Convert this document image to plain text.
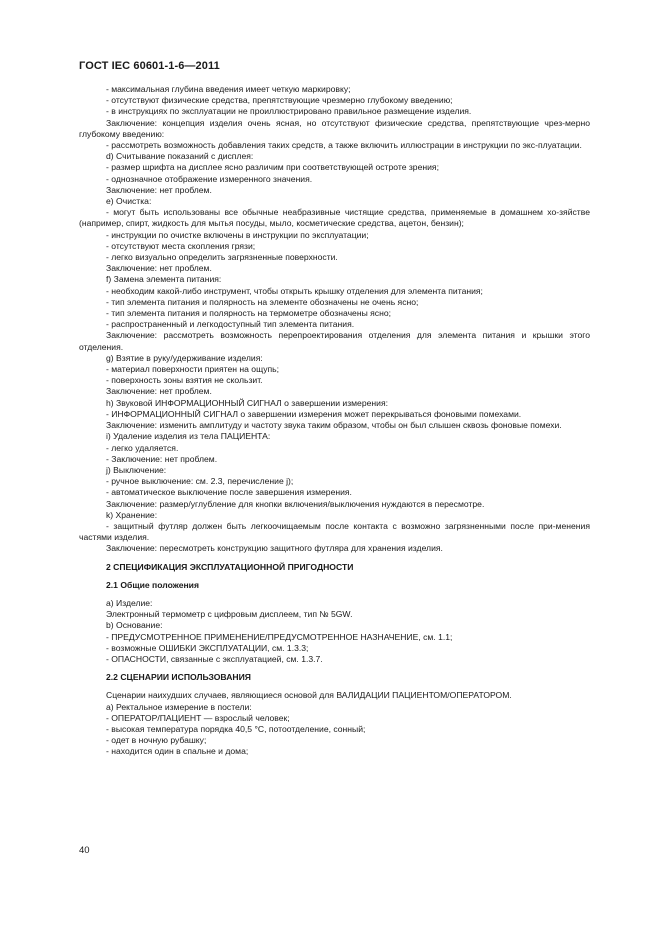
ГОСТ IEC 60601-1-6—2011

- максимальная глубина введения имеет четкую маркировку;

- отсутствуют физические средства, препятствующие чрезмерно глубокому введению;

- в инструкциях по эксплуатации не проиллюстрировано правильное размещение изделия.

Заключение: концепция изделия очень ясная, но отсутствуют физические средства, препятствующие чрез-мерно глубокому введению:

- рассмотреть возможность добавления таких средств, а также включить иллюстрации в инструкции по экс-плуатации.

d) Считывание показаний с дисплея:

- размер шрифта на дисплее ясно различим при соответствующей остроте зрения;

- однозначное отображение измеренного значения.

Заключение: нет проблем.

е) Очистка:

- могут быть использованы все обычные неабразивные чистящие средства, применяемые в домашнем хо-зяйстве (например, спирт, жидкость для мытья посуды, мыло, косметические средства, ацетон, бензин);

- инструкции по очистке включены в инструкции по эксплуатации;

- отсутствуют места скопления грязи;

- легко визуально определить загрязненные поверхности.

Заключение: нет проблем.

f) Замена элемента питания:

- необходим какой-либо инструмент, чтобы открыть крышку отделения для элемента питания;

- тип элемента питания и полярность на элементе обозначены не очень ясно;

- тип элемента питания и полярность на термометре обозначены ясно;

- распространенный и легкодоступный тип элемента питания.

Заключение: рассмотреть возможность перепроектирования отделения для элемента питания и крышки этого отделения.

g) Взятие в руку/удерживание изделия:

- материал поверхности приятен на ощупь;

- поверхность зоны взятия не скользит.

Заключение: нет проблем.

h) Звуковой ИНФОРМАЦИОННЫЙ СИГНАЛ о завершении измерения:

- ИНФОРМАЦИОННЫЙ СИГНАЛ о завершении измерения может перекрываться фоновыми помехами.

Заключение: изменить амплитуду и частоту звука таким образом, чтобы он был слышен сквозь фоновые помехи.

i) Удаление изделия из тела ПАЦИЕНТА:

- легко удаляется.

- Заключение: нет проблем.

j) Выключение:

- ручное выключение: см. 2.3, перечисление j);

- автоматическое выключение после завершения измерения.

Заключение: размер/углубление для кнопки включения/выключения нуждаются в пересмотре.

k) Хранение:

- защитный футляр должен быть легкоочищаемым после контакта с возможно загрязненными после при-менения частями изделия.

Заключение: пересмотреть конструкцию защитного футляра для хранения изделия.

2 СПЕЦИФИКАЦИЯ ЭКСПЛУАТАЦИОННОЙ ПРИГОДНОСТИ

2.1 Общие положения

а) Изделие:

Электронный термометр с цифровым дисплеем, тип № 5GW.

b) Основание:

- ПРЕДУСМОТРЕННОЕ ПРИМЕНЕНИЕ/ПРЕДУСМОТРЕННОЕ НАЗНАЧЕНИЕ, см. 1.1;

- возможные ОШИБКИ ЭКСПЛУАТАЦИИ, см. 1.3.3;

- ОПАСНОСТИ, связанные с эксплуатацией, см. 1.3.7.

2.2 СЦЕНАРИИ ИСПОЛЬЗОВАНИЯ

Сценарии наихудших случаев, являющиеся основой для ВАЛИДАЦИИ ПАЦИЕНТОМ/ОПЕРАТОРОМ.

а) Ректальное измерение в постели:

- ОПЕРАТОР/ПАЦИЕНТ — взрослый человек;

- высокая температура порядка 40,5 °С, потоотделение, сонный;

- одет в ночную рубашку;

- находится один в спальне и дома;

40
